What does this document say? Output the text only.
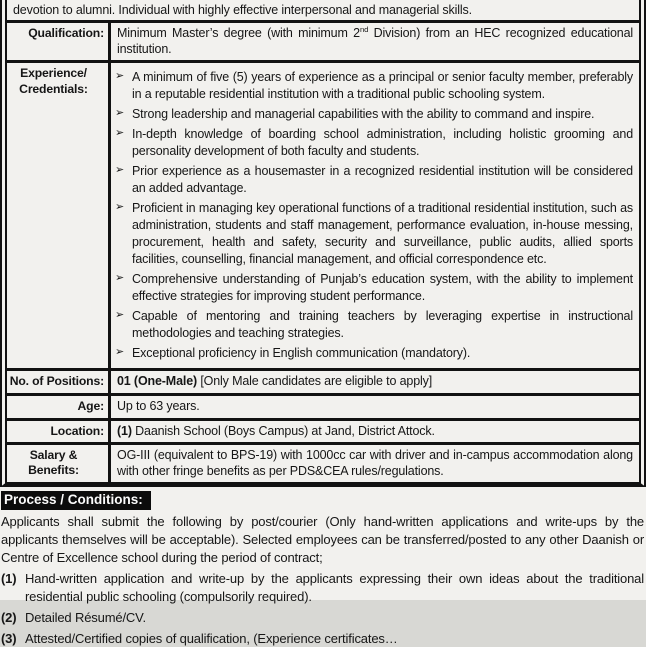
devotion to alumni. Individual with highly effective interpersonal and managerial skills.
Qualification:	Minimum Master’s degree (with minimum 2nd Division) from an HEC recognized educational institution.
Experience/
Credentials:
➢ A minimum of five (5) years of experience as a principal or senior faculty member, preferably in a reputable residential institution with a traditional public schooling system.
➢ Strong leadership and managerial capabilities with the ability to command and inspire.
➢ In-depth knowledge of boarding school administration, including holistic grooming and personality development of both faculty and students.
➢ Prior experience as a housemaster in a recognized residential institution will be considered an added advantage.
➢ Proficient in managing key operational functions of a traditional residential institution, such as administration, students and staff management, performance evaluation, in-house messing, procurement, health and safety, security and surveillance, public audits, allied sports facilities, counselling, financial management, and official correspondence etc.
➢ Comprehensive understanding of Punjab’s education system, with the ability to implement effective strategies for improving student performance.
➢ Capable of mentoring and training teachers by leveraging expertise in instructional methodologies and teaching strategies.
➢ Exceptional proficiency in English communication (mandatory).
No. of Positions:	01 (One-Male) [Only Male candidates are eligible to apply]
Age:	Up to 63 years.
Location:	(1) Daanish School (Boys Campus) at Jand, District Attock.
Salary &
Benefits:
OG-III (equivalent to BPS-19) with 1000cc car with driver and in-campus accommodation along with other fringe benefits as per PDS&CEA rules/regulations.
Process / Conditions:
Applicants shall submit the following by post/courier (Only hand-written applications and write-ups by the applicants themselves will be acceptable). Selected employees can be transferred/posted to any other Daanish or Centre of Excellence school during the period of contract;
(1) Hand-written application and write-up by the applicants expressing their own ideas about the traditional residential public schooling (compulsorily required).
(2) Detailed Résumé/CV.
(3) Attested/Certified copies of qualification, (Experience certificates…
